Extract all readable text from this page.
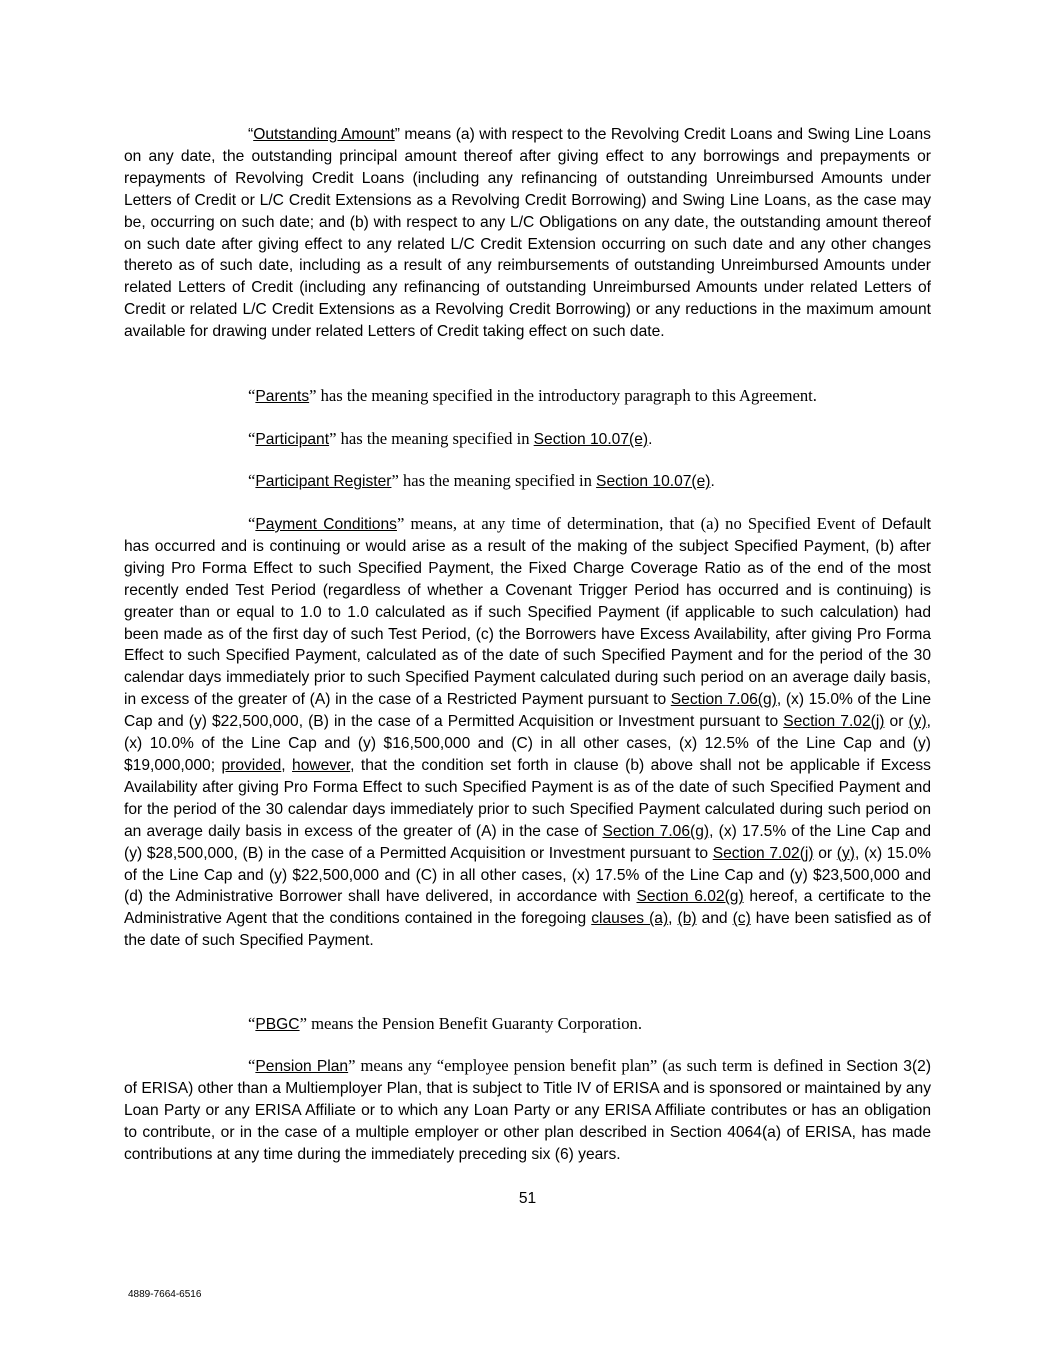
“Outstanding Amount” means (a) with respect to the Revolving Credit Loans and Swing Line Loans on any date, the outstanding principal amount thereof after giving effect to any borrowings and prepayments or repayments of Revolving Credit Loans (including any refinancing of outstanding Unreimbursed Amounts under Letters of Credit or L/C Credit Extensions as a Revolving Credit Borrowing) and Swing Line Loans, as the case may be, occurring on such date; and (b) with respect to any L/C Obligations on any date, the outstanding amount thereof on such date after giving effect to any related L/C Credit Extension occurring on such date and any other changes thereto as of such date, including as a result of any reimbursements of outstanding Unreimbursed Amounts under related Letters of Credit (including any refinancing of outstanding Unreimbursed Amounts under related Letters of Credit or related L/C Credit Extensions as a Revolving Credit Borrowing) or any reductions in the maximum amount available for drawing under related Letters of Credit taking effect on such date.

“Parents” has the meaning specified in the introductory paragraph to this Agreement.

“Participant” has the meaning specified in Section 10.07(e).

“Participant Register” has the meaning specified in Section 10.07(e).

“Payment Conditions” means, at any time of determination, that (a) no Specified Event of Default has occurred and is continuing or would arise as a result of the making of the subject Specified Payment, (b) after giving Pro Forma Effect to such Specified Payment, the Fixed Charge Coverage Ratio as of the end of the most recently ended Test Period (regardless of whether a Covenant Trigger Period has occurred and is continuing) is greater than or equal to 1.0 to 1.0 calculated as if such Specified Payment (if applicable to such calculation) had been made as of the first day of such Test Period, (c) the Borrowers have Excess Availability, after giving Pro Forma Effect to such Specified Payment, calculated as of the date of such Specified Payment and for the period of the 30 calendar days immediately prior to such Specified Payment calculated during such period on an average daily basis, in excess of the greater of (A) in the case of a Restricted Payment pursuant to Section 7.06(g), (x) 15.0% of the Line Cap and (y) $22,500,000, (B) in the case of a Permitted Acquisition or Investment pursuant to Section 7.02(j) or (y), (x) 10.0% of the Line Cap and (y) $16,500,000 and (C) in all other cases, (x) 12.5% of the Line Cap and (y) $19,000,000; provided, however, that the condition set forth in clause (b) above shall not be applicable if Excess Availability after giving Pro Forma Effect to such Specified Payment is as of the date of such Specified Payment and for the period of the 30 calendar days immediately prior to such Specified Payment calculated during such period on an average daily basis in excess of the greater of (A) in the case of Section 7.06(g), (x) 17.5% of the Line Cap and (y) $28,500,000, (B) in the case of a Permitted Acquisition or Investment pursuant to Section 7.02(j) or (y), (x) 15.0% of the Line Cap and (y) $22,500,000 and (C) in all other cases, (x) 17.5% of the Line Cap and (y) $23,500,000 and (d) the Administrative Borrower shall have delivered, in accordance with Section 6.02(g) hereof, a certificate to the Administrative Agent that the conditions contained in the foregoing clauses (a), (b) and (c) have been satisfied as of the date of such Specified Payment.

“PBGC” means the Pension Benefit Guaranty Corporation.

“Pension Plan” means any “employee pension benefit plan” (as such term is defined in Section 3(2) of ERISA) other than a Multiemployer Plan, that is subject to Title IV of ERISA and is sponsored or maintained by any Loan Party or any ERISA Affiliate or to which any Loan Party or any ERISA Affiliate contributes or has an obligation to contribute, or in the case of a multiple employer or other plan described in Section 4064(a) of ERISA, has made contributions at any time during the immediately preceding six (6) years.

51
4889-7664-6516
